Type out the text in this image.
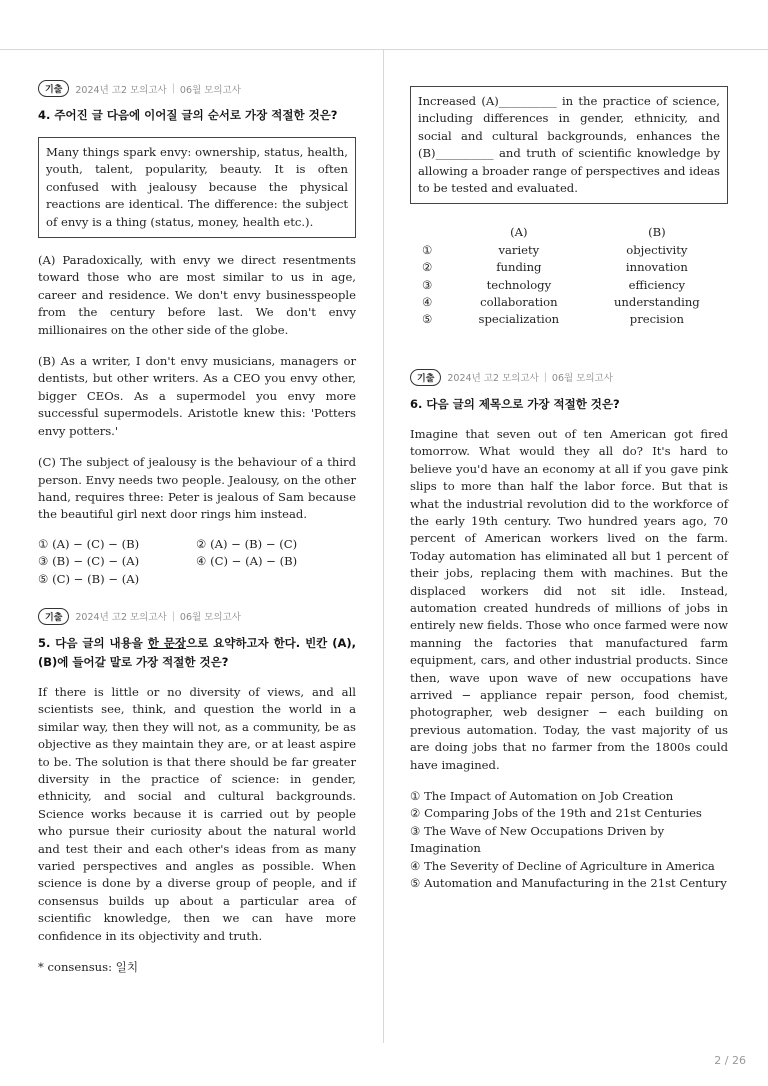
기출	2024년 고2 모의고사 | 06월 모의고사
4. 주어진 글 다음에 이어질 글의 순서로 가장 적절한 것은?
Many things spark envy: ownership, status, health, youth, talent, popularity, beauty. It is often confused with jealousy because the physical reactions are identical. The difference: the subject of envy is a thing (status, money, health etc.).

(A) Paradoxically, with envy we direct resentments toward those who are most similar to us in age, career and residence. We don't envy businesspeople from the century before last. We don't envy millionaires on the other side of the globe.

(B) As a writer, I don't envy musicians, managers or dentists, but other writers. As a CEO you envy other, bigger CEOs. As a supermodel you envy more successful supermodels. Aristotle knew this: 'Potters envy potters.'

(C) The subject of jealousy is the behaviour of a third person. Envy needs two people. Jealousy, on the other hand, requires three: Peter is jealous of Sam because the beautiful girl next door rings him instead.

① (A) − (C) − (B)	② (A) − (B) − (C)
③ (B) − (C) − (A)	④ (C) − (A) − (B)
⑤ (C) − (B) − (A)
기출	2024년 고2 모의고사 | 06월 모의고사
5. 다음 글의 내용을 한 문장으로 요약하고자 한다. 빈칸 (A), (B)에 들어갈 말로 가장 적절한 것은?

If there is little or no diversity of views, and all scientists see, think, and question the world in a similar way, then they will not, as a community, be as objective as they maintain they are, or at least aspire to be. The solution is that there should be far greater diversity in the practice of science: in gender, ethnicity, and social and cultural backgrounds. Science works because it is carried out by people who pursue their curiosity about the natural world and test their and each other's ideas from as many varied perspectives and angles as possible. When science is done by a diverse group of people, and if consensus builds up about a particular area of scientific knowledge, then we can have more confidence in its objectivity and truth.

* consensus: 일치
Increased (A)__________ in the practice of science, including differences in gender, ethnicity, and social and cultural backgrounds, enhances the (B)__________ and truth of scientific knowledge by allowing a broader range of perspectives and ideas to be tested and evaluated.
	(A)	(B)
①	variety	objectivity
②	funding	innovation
③	technology	efficiency
④	collaboration	understanding
⑤	specialization	precision
기출	2024년 고2 모의고사 | 06월 모의고사
6. 다음 글의 제목으로 가장 적절한 것은?

Imagine that seven out of ten American got fired tomorrow. What would they all do? It's hard to believe you'd have an economy at all if you gave pink slips to more than half the labor force. But that is what the industrial revolution did to the workforce of the early 19th century. Two hundred years ago, 70 percent of American workers lived on the farm. Today automation has eliminated all but 1 percent of their jobs, replacing them with machines. But the displaced workers did not sit idle. Instead, automation created hundreds of millions of jobs in entirely new fields. Those who once farmed were now manning the factories that manufactured farm equipment, cars, and other industrial products. Since then, wave upon wave of new occupations have arrived − appliance repair person, food chemist, photographer, web designer − each building on previous automation. Today, the vast majority of us are doing jobs that no farmer from the 1800s could have imagined.

① The Impact of Automation on Job Creation
② Comparing Jobs of the 19th and 21st Centuries
③ The Wave of New Occupations Driven by Imagination
④ The Severity of Decline of Agriculture in America
⑤ Automation and Manufacturing in the 21st Century
2 / 26
